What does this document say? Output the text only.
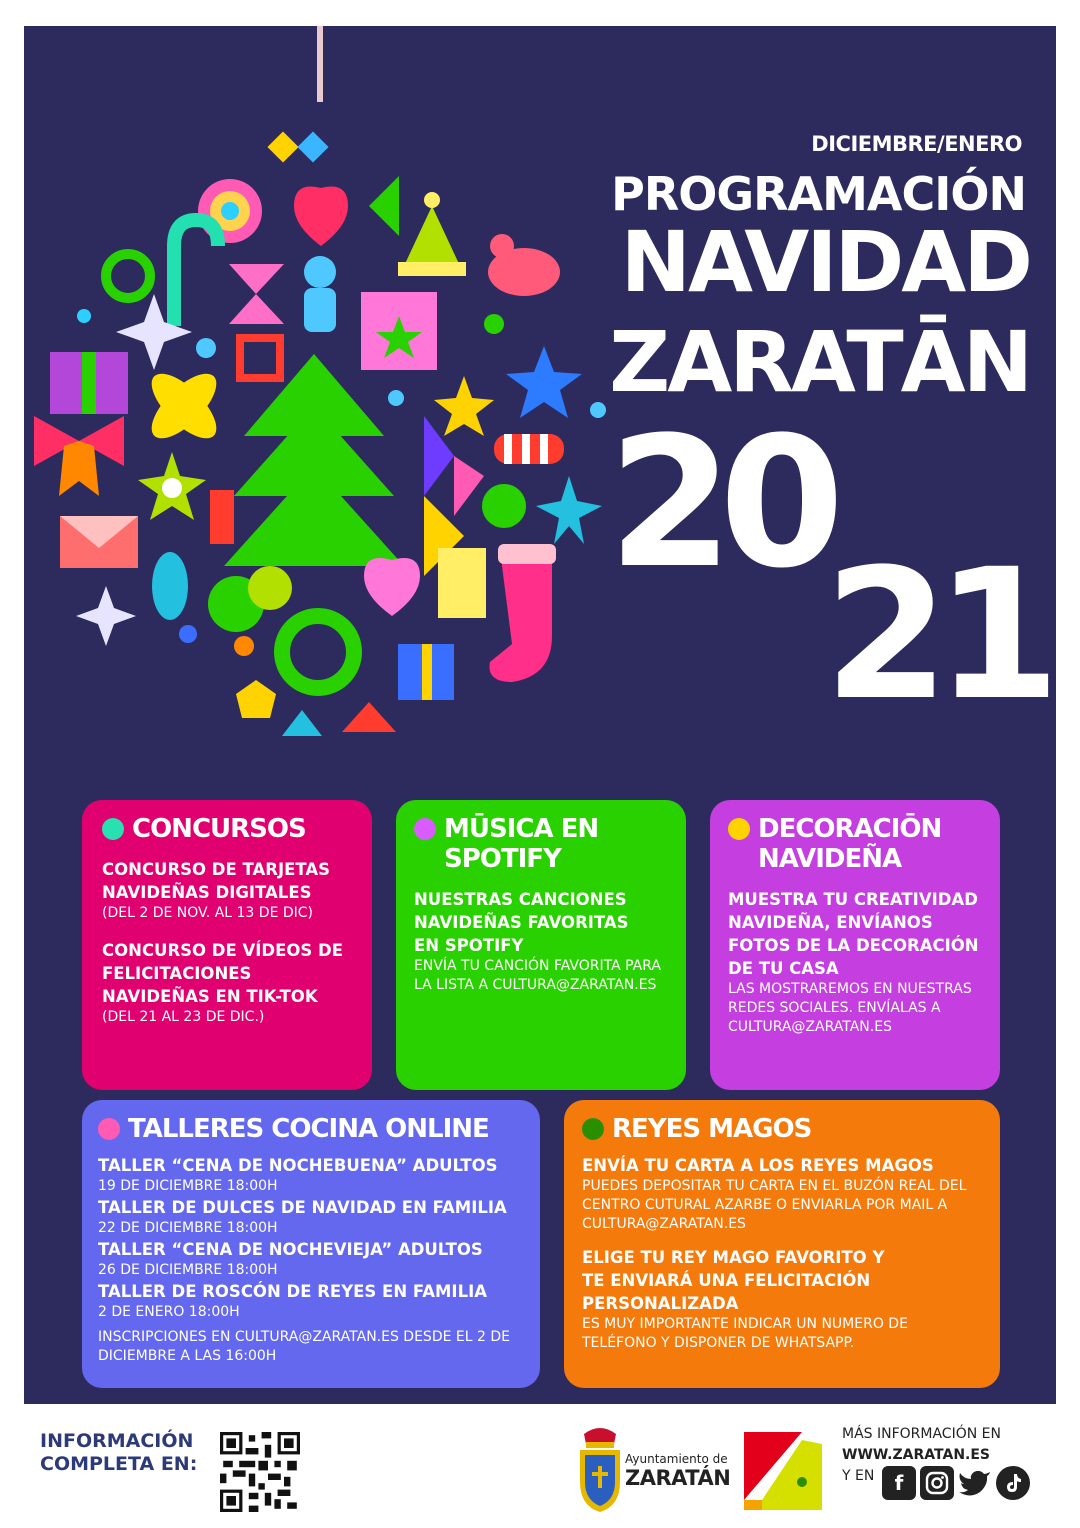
DICIEMBRE/ENERO
PROGRAMACIÓN
NAVIDAD
ZARATĀN
20
21
CONCURSOS
CONCURSO DE TARJETAS NAVIDEÑAS DIGITALES
(DEL 2 DE NOV. AL 13 DE DIC)
CONCURSO DE VÍDEOS DE FELICITACIONES NAVIDEÑAS EN TIK-TOK
(DEL 21 AL 23 DE DIC.)
MŪSICA EN
SPOTIFY
NUESTRAS CANCIONES NAVIDEÑAS FAVORITAS EN SPOTIFY
ENVÍA TU CANCIÓN FAVORITA PARA LA LISTA A CULTURA@ZARATAN.ES
DECORACIŌN
NAVIDEÑA
MUESTRA TU CREATIVIDAD NAVIDEÑA, ENVÍANOS FOTOS DE LA DECORACIÓN DE TU CASA
LAS MOSTRAREMOS EN NUESTRAS REDES SOCIALES. ENVÍALAS A CULTURA@ZARATAN.ES
TALLERES COCINA ONLINE
TALLER “CENA DE NOCHEBUENA” ADULTOS
19 DE DICIEMBRE 18:00H
TALLER DE DULCES DE NAVIDAD EN FAMILIA
22 DE DICIEMBRE 18:00H
TALLER “CENA DE NOCHEVIEJA” ADULTOS
26 DE DICIEMBRE 18:00H
TALLER DE ROSCÓN DE REYES EN FAMILIA
2 DE ENERO 18:00H
INSCRIPCIONES EN CULTURA@ZARATAN.ES DESDE EL 2 DE DICIEMBRE A LAS 16:00H
REYES MAGOS
ENVÍA TU CARTA A LOS REYES MAGOS
PUEDES DEPOSITAR TU CARTA EN EL BUZÓN REAL DEL CENTRO CUTURAL AZARBE O ENVIARLA POR MAIL A CULTURA@ZARATAN.ES
ELIGE TU REY MAGO FAVORITO Y TE ENVIARÁ UNA FELICITACIÓN PERSONALIZADA
ES MUY IMPORTANTE INDICAR UN NUMERO DE TELÉFONO Y DISPONER DE WHATSAPP.
INFORMACIÓN
COMPLETA EN:	Ayuntamiento de
ZARATÁN
MÁS INFORMACIÓN EN
WWW.ZARATAN.ES
Y EN	f
